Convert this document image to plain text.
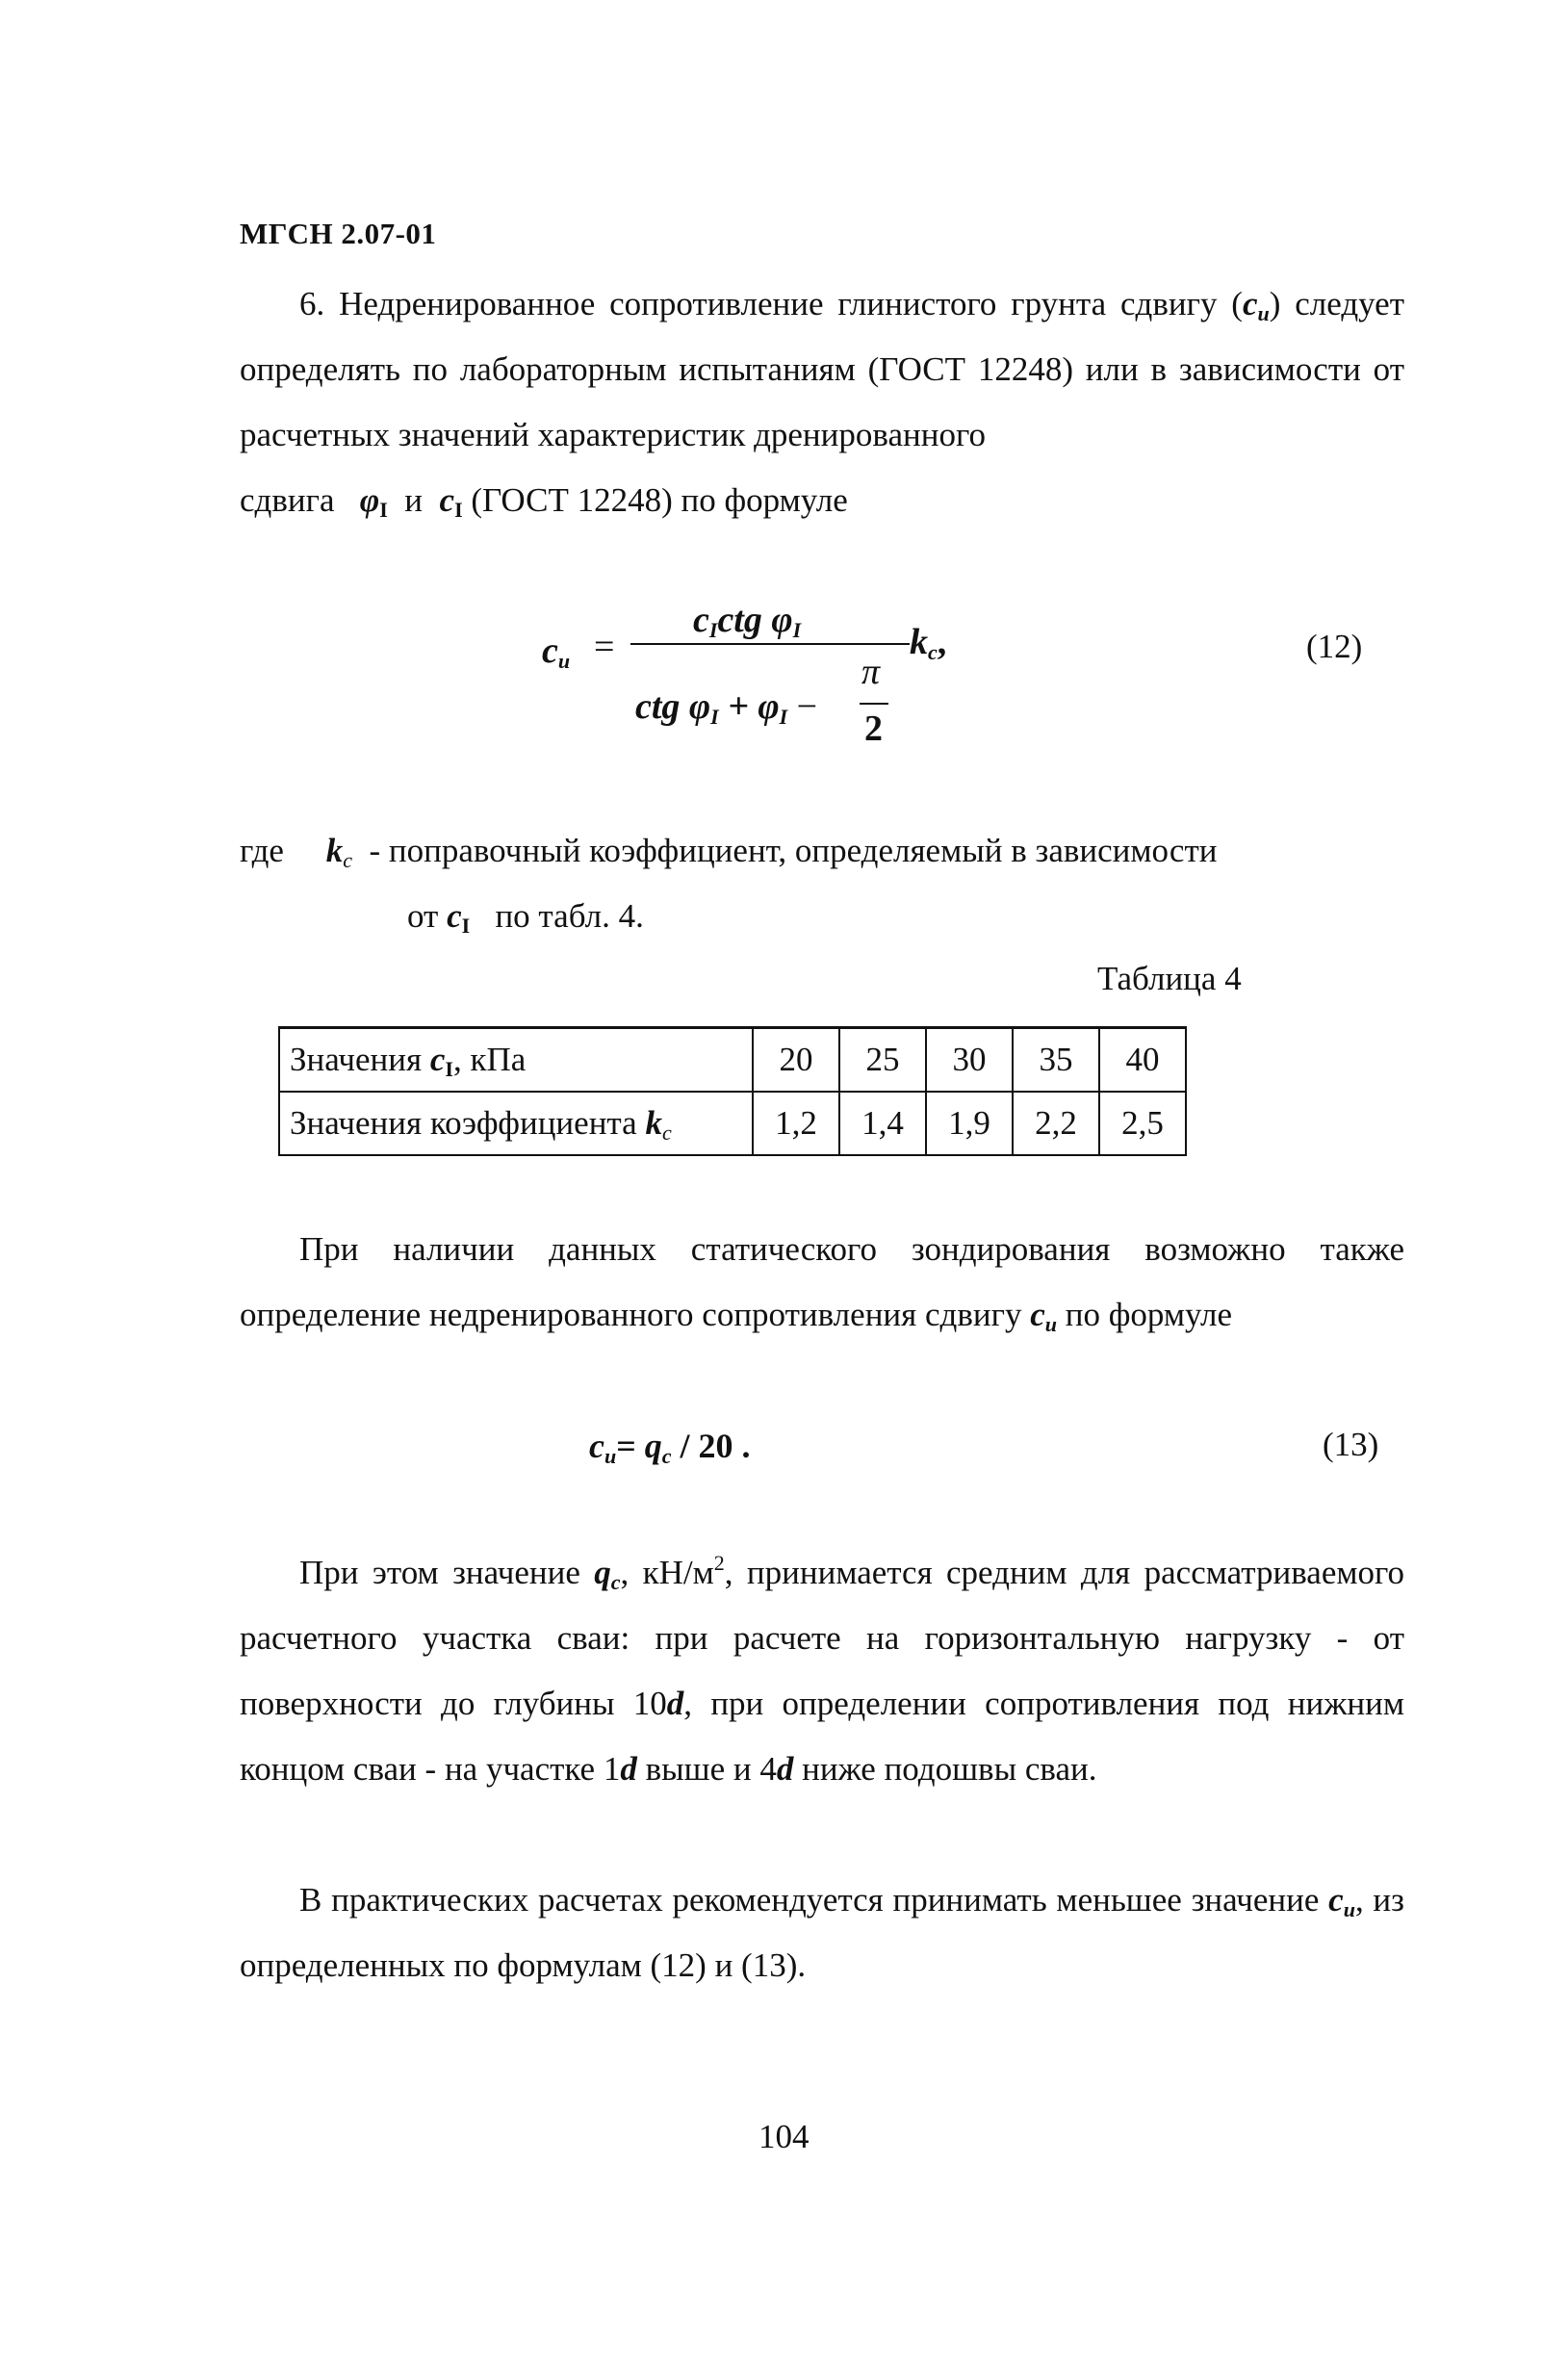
МГСН 2.07-01
6. Недренированное сопротивление глинистого грунта сдвигу $(c_u)$ следует определять по лабораторным испытаниям (ГОСТ 12248) или в зависимости от расчетных значений характеристик дренированного
сдвига $\varphi_I$ и $c_I$ (ГОСТ 12248) по формуле
$c_u$ =
$c_Ictg$ $\varphi_I$
π
$k_c$,
ctg $\varphi_I + \varphi_I$ −
2
(12)
где $k_c$ - поправочный коэффициент, определяемый в зависимости
от $c_I$ по табл. 4.
Таблица 4
Значения $c_I$, кПа	20	25	30	35	40
Значения коэффициента $k_c$	1,2	1,4	1,9	2,2	2,5
При наличии данных статического зондирования возможно также определение недренированного сопротивления сдвигу $c_u$ по формуле
$c_u= q_c / 20$ .	(13)
При этом значение $q_c$, $кН/м^2$, принимается средним для рассматриваемого расчетного участка сваи: при расчете на горизонтальную нагрузку - от поверхности до глубины 10d, при определении сопротивления под нижним концом сваи - на участке 1d выше и 4d ниже подошвы сваи.
В практических расчетах рекомендуется принимать меньшее значение $c_u$, из определенных по формулам (12) и (13).
104
